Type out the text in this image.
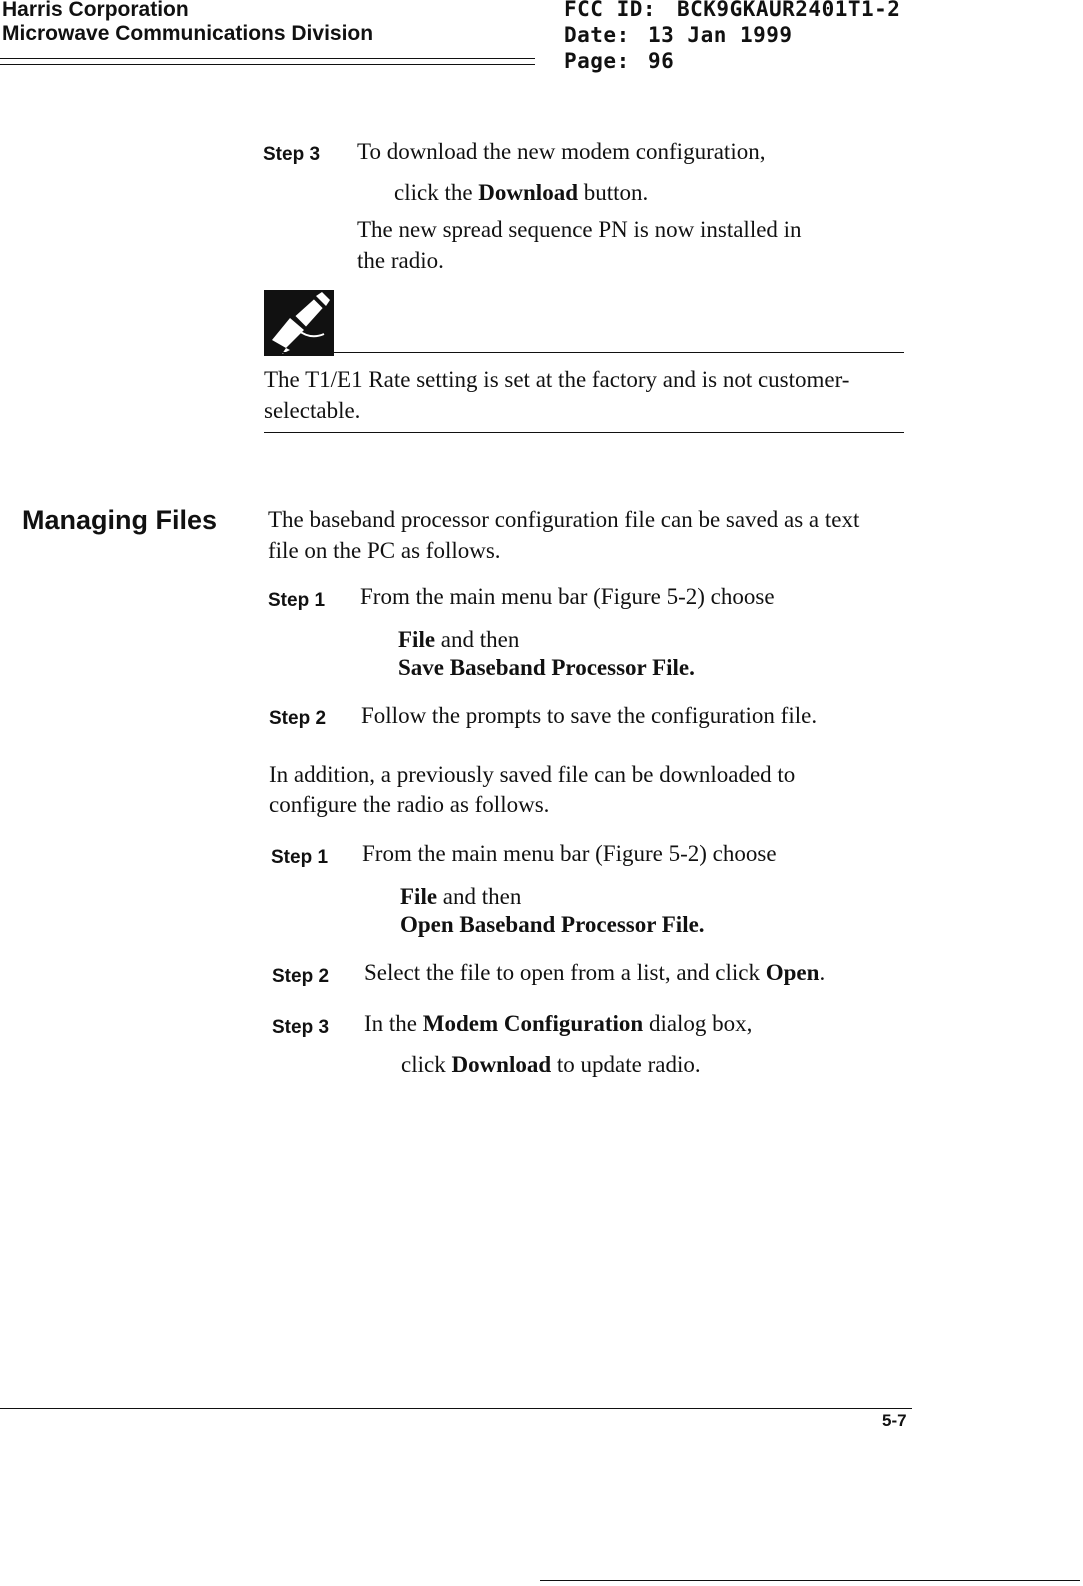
Harris Corporation
Microwave Communications Division
FCC ID: BCK9GKAUR2401T1-2
Date: 13 Jan 1999
Page: 96
Step 3 To download the new modem configuration,
click the Download button.
The new spread sequence PN is now installed in
the radio.
The T1/E1 Rate setting is set at the factory and is not customer-
selectable.
Managing Files The baseband processor configuration file can be saved as a text
file on the PC as follows.
Step 1 From the main menu bar (Figure 5-2) choose
File and then
Save Baseband Processor File.
Step 2 Follow the prompts to save the configuration file.
In addition, a previously saved file can be downloaded to
configure the radio as follows.
Step 1 From the main menu bar (Figure 5-2) choose
File and then
Open Baseband Processor File.
Step 2 Select the file to open from a list, and click Open.
Step 3 In the Modem Configuration dialog box,
click Download to update radio.
5-7
